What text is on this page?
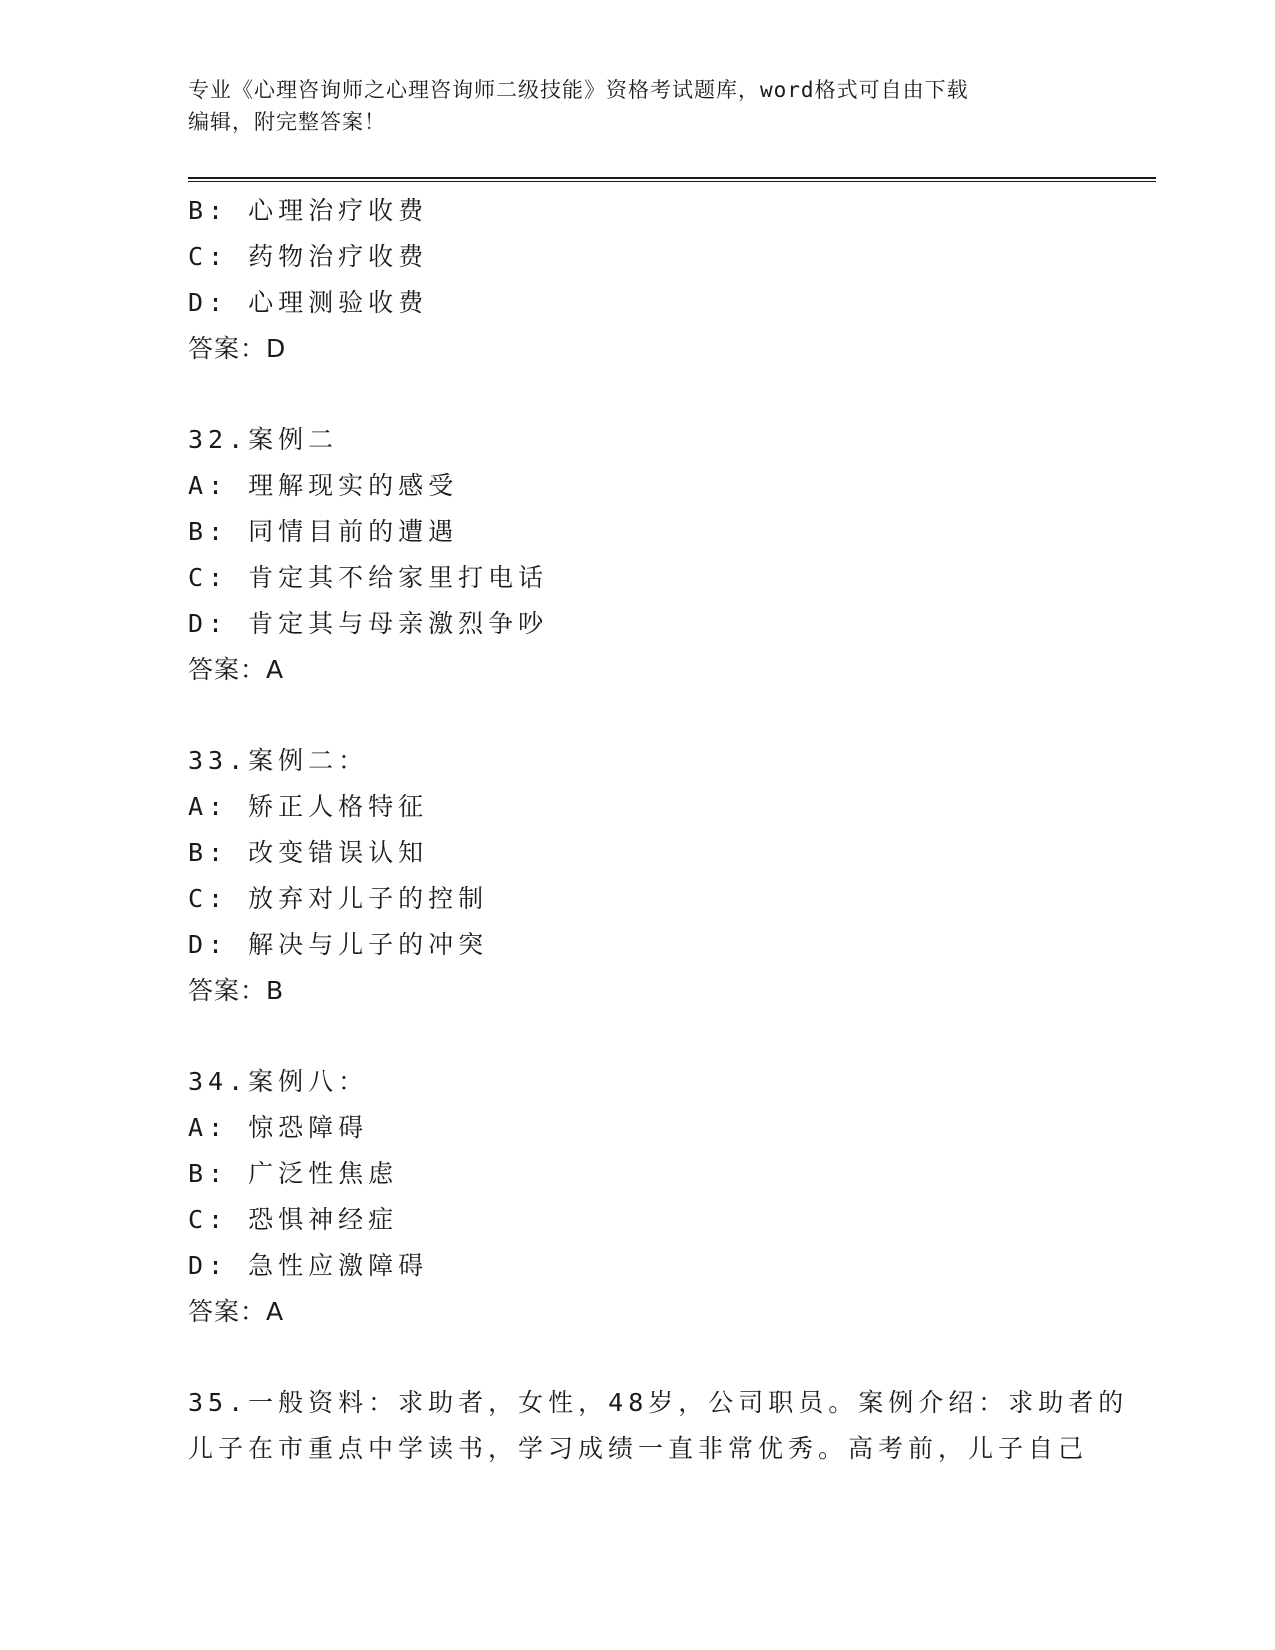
专业《心理咨询师之心理咨询师二级技能》资格考试题库，word格式可自由下载
编辑，附完整答案！
B: 心理治疗收费
C: 药物治疗收费
D: 心理测验收费
答案：D
32.案例二
A: 理解现实的感受
B: 同情目前的遭遇
C: 肯定其不给家里打电话
D: 肯定其与母亲激烈争吵
答案：A
33.案例二：
A: 矫正人格特征
B: 改变错误认知
C: 放弃对儿子的控制
D: 解决与儿子的冲突
答案：B
34.案例八：
A: 惊恐障碍
B: 广泛性焦虑
C: 恐惧神经症
D: 急性应激障碍
答案：A
35.一般资料：求助者，女性，48岁，公司职员。案例介绍：求助者的
儿子在市重点中学读书，学习成绩一直非常优秀。高考前，儿子自己
